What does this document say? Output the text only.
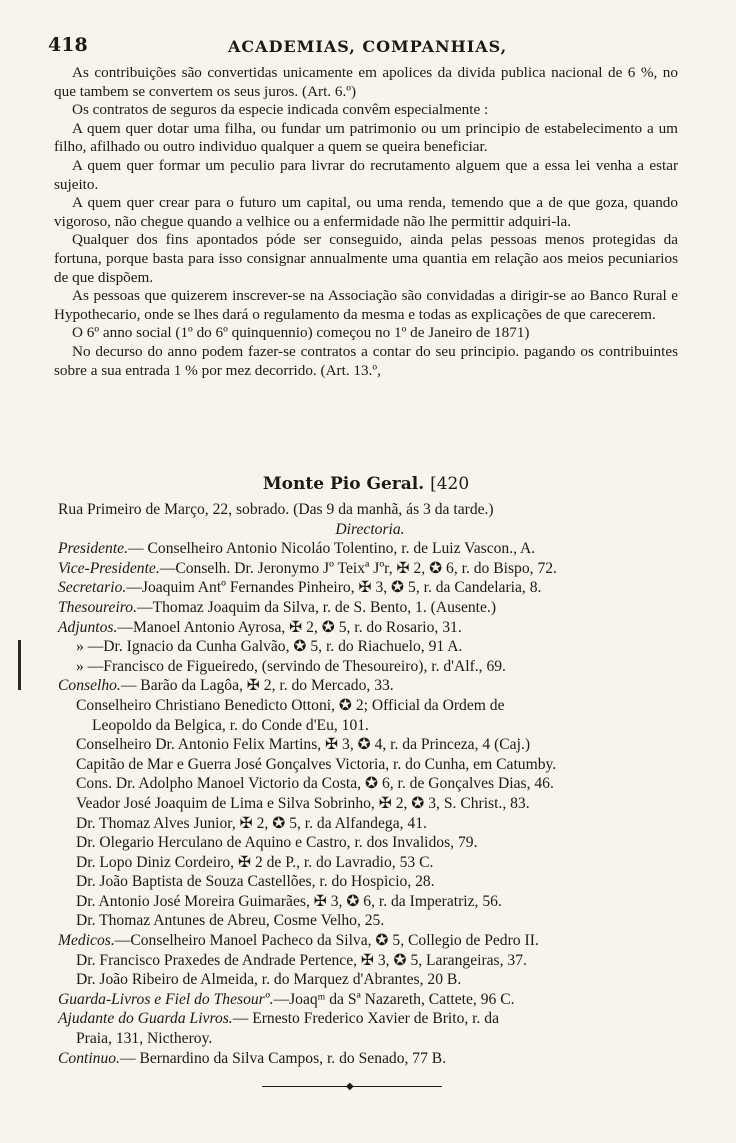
418	ACADEMIAS, COMPANHIAS,

As contribuições são convertidas unicamente em apolices da divida publica nacional de 6 %, no que tambem se convertem os seus juros. (Art. 6.º)

Os contratos de seguros da especie indicada convêm especialmente :

A quem quer dotar uma filha, ou fundar um patrimonio ou um principio de estabelecimento a um filho, afilhado ou outro individuo qualquer a quem se queira beneficiar.

A quem quer formar um peculio para livrar do recrutamento alguem que a essa lei venha a estar sujeito.

A quem quer crear para o futuro um capital, ou uma renda, temendo que a de que goza, quando vigoroso, não chegue quando a velhice ou a enfermidade não lhe permittir adquiri-la.

Qualquer dos fins apontados póde ser conseguido, ainda pelas pessoas menos protegidas da fortuna, porque basta para isso consignar annualmente uma quantia em relação aos meios pecuniarios de que dispõem.

As pessoas que quizerem inscrever-se na Associação são convidadas a dirigir-se ao Banco Rural e Hypothecario, onde se lhes dará o regulamento da mesma e todas as explicações de que carecerem.

O 6º anno social (1º do 6º quinquennio) começou no 1º de Janeiro de 1871)

No decurso do anno podem fazer-se contratos a contar do seu principio. pagando os contribuintes sobre a sua entrada 1 % por mez decorrido. (Art. 13.º,

Monte Pio Geral. [420

Rua Primeiro de Março, 22, sobrado. (Das 9 da manhã, ás 3 da tarde.)

Directoria.

Presidente.— Conselheiro Antonio Nicoláo Tolentino, r. de Luiz Vascon., A.

Vice-Presidente.—Conselh. Dr. Jeronymo Jº Teixª Jºr, ✠ 2, ✪ 6, r. do Bispo, 72.

Secretario.—Joaquim Antº Fernandes Pinheiro, ✠ 3, ✪ 5, r. da Candelaria, 8.

Thesoureiro.—Thomaz Joaquim da Silva, r. de S. Bento, 1. (Ausente.)

Adjuntos.—Manoel Antonio Ayrosa, ✠ 2, ✪ 5, r. do Rosario, 31.

» —Dr. Ignacio da Cunha Galvão, ✪ 5, r. do Riachuelo, 91 A.

» —Francisco de Figueiredo, (servindo de Thesoureiro), r. d'Alf., 69.

Conselho.— Barão da Lagôa, ✠ 2, r. do Mercado, 33.

Conselheiro Christiano Benedicto Ottoni, ✪ 2; Official da Ordem de

Leopoldo da Belgica, r. do Conde d'Eu, 101.

Conselheiro Dr. Antonio Felix Martins, ✠ 3, ✪ 4, r. da Princeza, 4 (Caj.)

Capitão de Mar e Guerra José Gonçalves Victoria, r. do Cunha, em Catumby.

Cons. Dr. Adolpho Manoel Victorio da Costa, ✪ 6, r. de Gonçalves Dias, 46.

Veador José Joaquim de Lima e Silva Sobrinho, ✠ 2, ✪ 3, S. Christ., 83.

Dr. Thomaz Alves Junior, ✠ 2, ✪ 5, r. da Alfandega, 41.

Dr. Olegario Herculano de Aquino e Castro, r. dos Invalidos, 79.

Dr. Lopo Diniz Cordeiro, ✠ 2 de P., r. do Lavradio, 53 C.

Dr. João Baptista de Souza Castellões, r. do Hospicio, 28.

Dr. Antonio José Moreira Guimarães, ✠ 3, ✪ 6, r. da Imperatriz, 56.

Dr. Thomaz Antunes de Abreu, Cosme Velho, 25.

Medicos.—Conselheiro Manoel Pacheco da Silva, ✪ 5, Collegio de Pedro II.

Dr. Francisco Praxedes de Andrade Pertence, ✠ 3, ✪ 5, Larangeiras, 37.

Dr. João Ribeiro de Almeida, r. do Marquez d'Abrantes, 20 B.

Guarda-Livros e Fiel do Thesourº.—Joaqᵐ da Sª Nazareth, Cattete, 96 C.

Ajudante do Guarda Livros.— Ernesto Frederico Xavier de Brito, r. da

Praia, 131, Nictheroy.

Continuo.— Bernardino da Silva Campos, r. do Senado, 77 B.

◆
